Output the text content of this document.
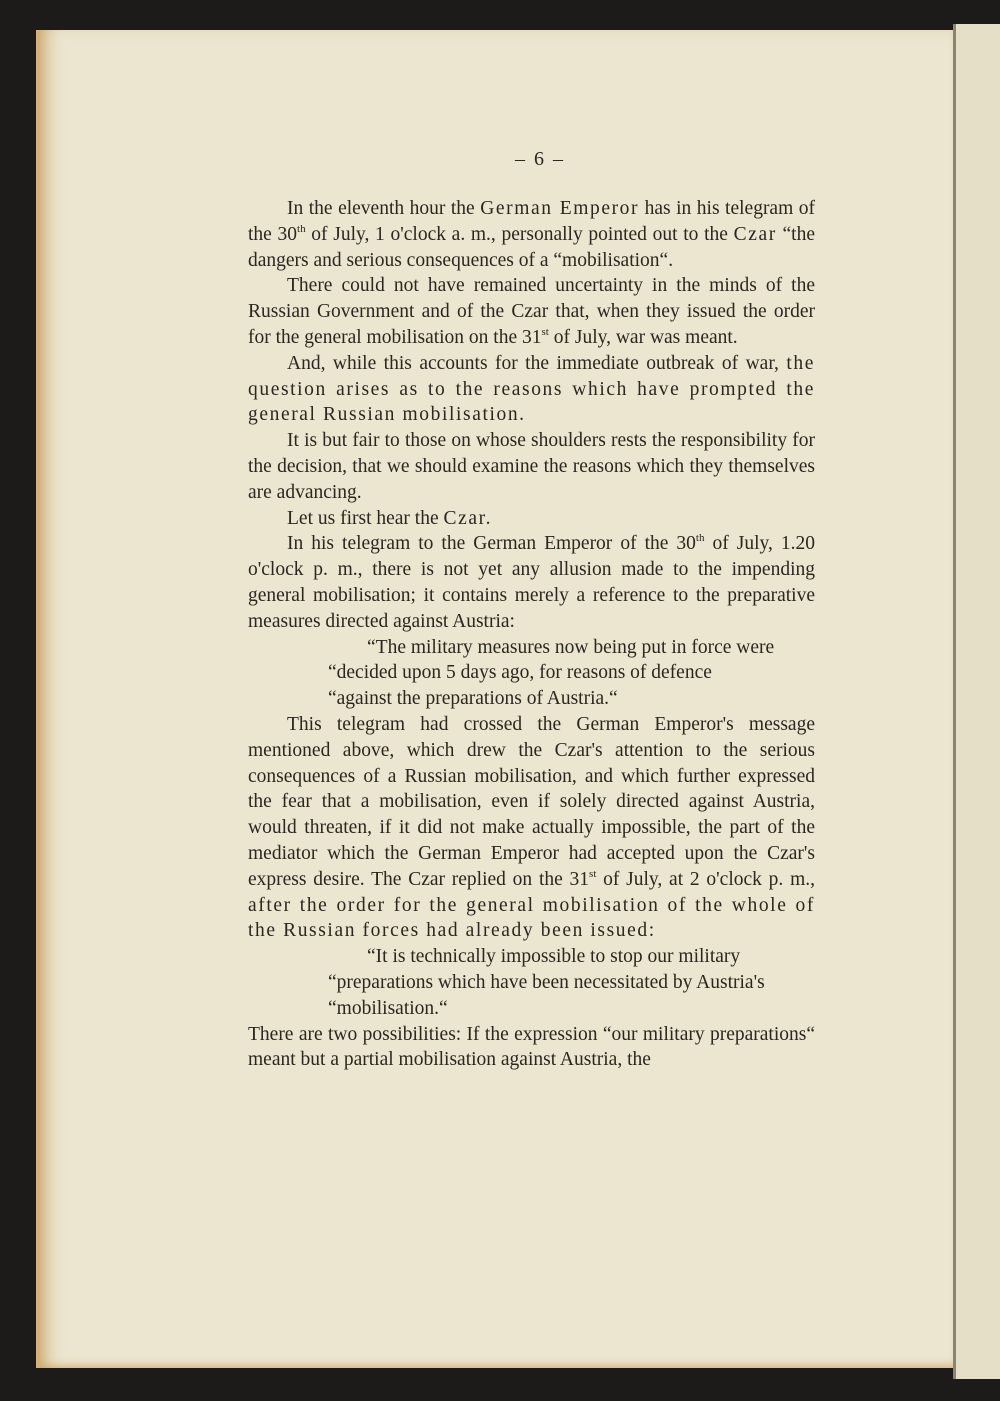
– 6 –

In the eleventh hour the German Emperor has in his telegram of the 30th of July, 1 o'clock a. m., personally pointed out to the Czar “the dangers and serious consequences of a “mobilisation“.

There could not have remained uncertainty in the minds of the Russian Government and of the Czar that, when they issued the order for the general mobilisation on the 31st of July, war was meant.

And, while this accounts for the immediate outbreak of war, the question arises as to the reasons which have prompted the general Russian mobilisation.

It is but fair to those on whose shoulders rests the responsibility for the decision, that we should examine the reasons which they themselves are advancing.

Let us first hear the Czar.

In his telegram to the German Emperor of the 30th of July, 1.20 o'clock p. m., there is not yet any allusion made to the impending general mobilisation; it contains merely a reference to the preparative measures directed against Austria:

“The military measures now being put in force were
“decided upon 5 days ago, for reasons of defence
“against the preparations of Austria.“

This telegram had crossed the German Emperor's message mentioned above, which drew the Czar's attention to the serious consequences of a Russian mobilisation, and which further expressed the fear that a mobilisation, even if solely directed against Austria, would threaten, if it did not make actually impossible, the part of the mediator which the German Emperor had accepted upon the Czar's express desire. The Czar replied on the 31st of July, at 2 o'clock p. m., after the order for the general mobilisation of the whole of the Russian forces had already been issued:

“It is technically impossible to stop our military
“preparations which have been necessitated by Austria's
“mobilisation.“

There are two possibilities: If the expression “our military preparations“ meant but a partial mobilisation against Austria, the
